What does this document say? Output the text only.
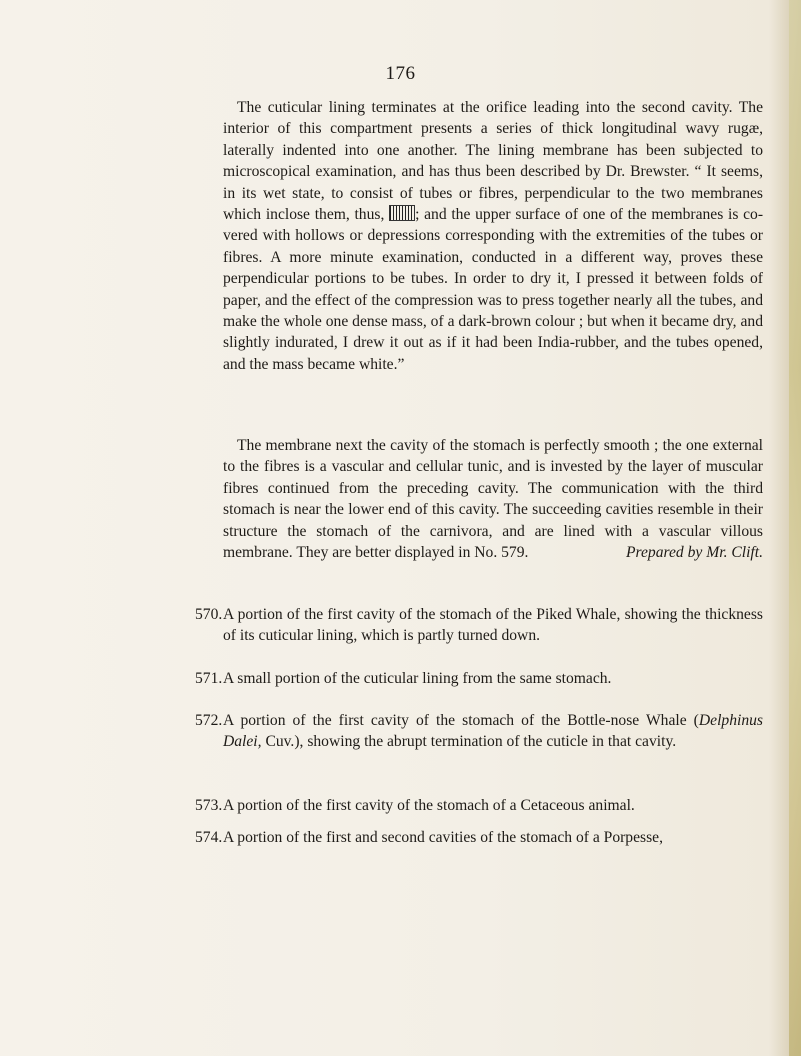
176
The cuticular lining terminates at the orifice leading into the second cavity. The interior of this compartment presents a series of thick longitudinal wavy rugæ, laterally indented into one another. The lining membrane has been subjected to microscopical examination, and has thus been described by Dr. Brewster. “ It seems, in its wet state, to consist of tubes or fibres, perpendicular to the two membranes which inclose them, thus, ; and the upper surface of one of the membranes is covered with hollows or depressions corresponding with the extremities of the tubes or fibres. A more minute examination, conducted in a different way, proves these perpendicular portions to be tubes. In order to dry it, I pressed it between folds of paper, and the effect of the compression was to press together nearly all the tubes, and make the whole one dense mass, of a dark-brown colour ; but when it became dry, and slightly indurated, I drew it out as if it had been India-rubber, and the tubes opened, and the mass became white.”
The membrane next the cavity of the stomach is perfectly smooth ; the one external to the fibres is a vascular and cellular tunic, and is invested by the layer of muscular fibres continued from the preceding cavity. The communication with the third stomach is near the lower end of this cavity. The succeeding cavities resemble in their structure the stomach of the carnivora, and are lined with a vascular villous membrane. They are better displayed in No. 579.	Prepared by Mr. Clift.
570. A portion of the first cavity of the stomach of the Piked Whale, showing the thickness of its cuticular lining, which is partly turned down.
571. A small portion of the cuticular lining from the same stomach.
572. A portion of the first cavity of the stomach of the Bottle-nose Whale (Delphinus Dalei, Cuv.), showing the abrupt termination of the cuticle in that cavity.
573. A portion of the first cavity of the stomach of a Cetaceous animal.
574. A portion of the first and second cavities of the stomach of a Porpesse,
